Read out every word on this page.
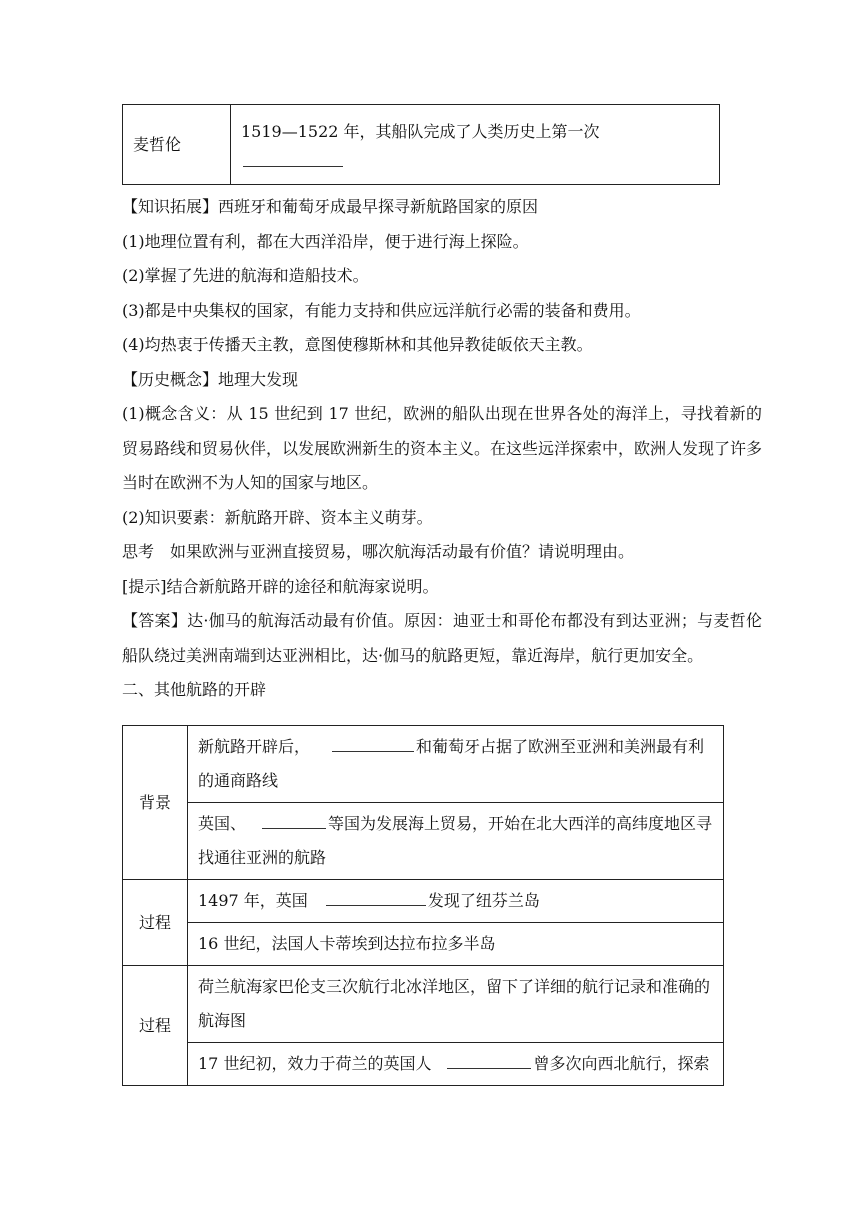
麦哲伦
1519—1522 年，其船队完成了人类历史上第一次

【知识拓展】西班牙和葡萄牙成最早探寻新航路国家的原因

(1)地理位置有利，都在大西洋沿岸，便于进行海上探险。

(2)掌握了先进的航海和造船技术。

(3)都是中央集权的国家，有能力支持和供应远洋航行必需的装备和费用。

(4)均热衷于传播天主教，意图使穆斯林和其他异教徒皈依天主教。

【历史概念】地理大发现

(1)概念含义：从 15 世纪到 17 世纪，欧洲的船队出现在世界各处的海洋上，寻找着新的贸易路线和贸易伙伴，以发展欧洲新生的资本主义。在这些远洋探索中，欧洲人发现了许多当时在欧洲不为人知的国家与地区。

(2)知识要素：新航路开辟、资本主义萌芽。

思考　如果欧洲与亚洲直接贸易，哪次航海活动最有价值？请说明理由。

[提示]结合新航路开辟的途径和航海家说明。

【答案】达·伽马的航海活动最有价值。原因：迪亚士和哥伦布都没有到达亚洲；与麦哲伦船队绕过美洲南端到达亚洲相比，达·伽马的航路更短，靠近海岸，航行更加安全。

二、其他航路的开辟

背景	新航路开辟后， 和葡萄牙占据了欧洲至亚洲和美洲最有利的通商路线
	英国、 等国为发展海上贸易，开始在北大西洋的高纬度地区寻找通往亚洲的航路
过程	1497 年，英国 发现了纽芬兰岛
	16 世纪，法国人卡蒂埃到达拉布拉多半岛
过程	荷兰航海家巴伦支三次航行北冰洋地区，留下了详细的航行记录和准确的航海图
	17 世纪初，效力于荷兰的英国人 曾多次向西北航行，探索
